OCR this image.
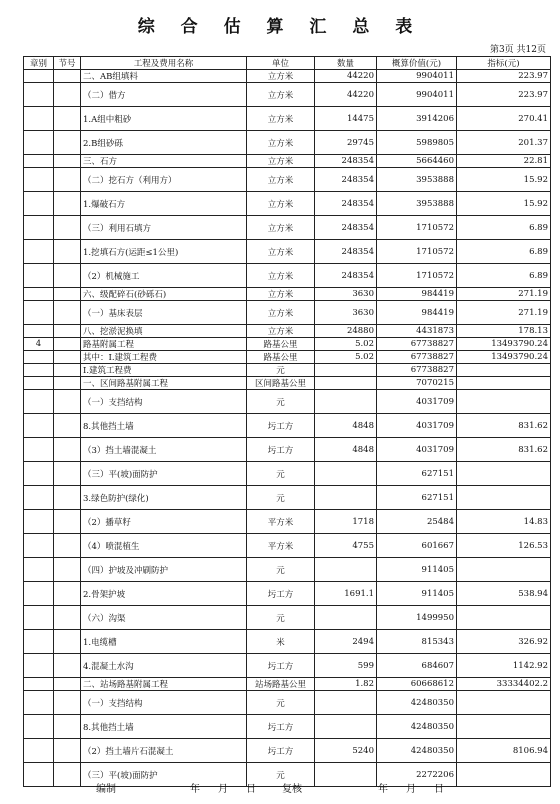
综 合 估 算 汇 总 表
第3页 共12页
章别	节号	工程及费用名称	单位	数量	概算价值(元)	指标(元)
		二、AB组填料	立方米	44220	9904011	223.97
		（二）借方	立方米	44220	9904011	223.97
		1.A组中粗砂	立方米	14475	3914206	270.41
		2.B组砂砾	立方米	29745	5989805	201.37
		三、石方	立方米	248354	5664460	22.81
		（二）挖石方（利用方）	立方米	248354	3953888	15.92
		1.爆破石方	立方米	248354	3953888	15.92
		（三）利用石填方	立方米	248354	1710572	6.89
		1.挖填石方(运距≤1公里)	立方米	248354	1710572	6.89
		（2）机械施工	立方米	248354	1710572	6.89
		六、级配碎石(砂砾石)	立方米	3630	984419	271.19
		（一）基床表层	立方米	3630	984419	271.19
		八、挖淤泥换填	立方米	24880	4431873	178.13
4		路基附属工程	路基公里	5.02	67738827	13493790.24
		其中：Ⅰ.建筑工程费	路基公里	5.02	67738827	13493790.24
		Ⅰ.建筑工程费	元		67738827	
		一、区间路基附属工程	区间路基公里		7070215	
		（一）支挡结构	元		4031709	
		8.其他挡土墙	圬工方	4848	4031709	831.62
		（3）挡土墙混凝土	圬工方	4848	4031709	831.62
		（三）平(坡)面防护	元		627151	
		3.绿色防护(绿化)	元		627151	
		（2）播草籽	平方米	1718	25484	14.83
		（4）喷混植生	平方米	4755	601667	126.53
		（四）护坡及冲刷防护	元		911405	
		2.骨架护坡	圬工方	1691.1	911405	538.94
		（六）沟渠	元		1499950	
		1.电缆槽	米	2494	815343	326.92
		4.混凝土水沟	圬工方	599	684607	1142.92
		二、站场路基附属工程	站场路基公里	1.82	60668612	33334402.2
		（一）支挡结构	元		42480350	
		8.其他挡土墙	圬工方		42480350	
		（2）挡土墙片石混凝土	圬工方	5240	42480350	8106.94
		（三）平(坡)面防护	元		2272206	
编制	年 月 日	复核	年 月 日
